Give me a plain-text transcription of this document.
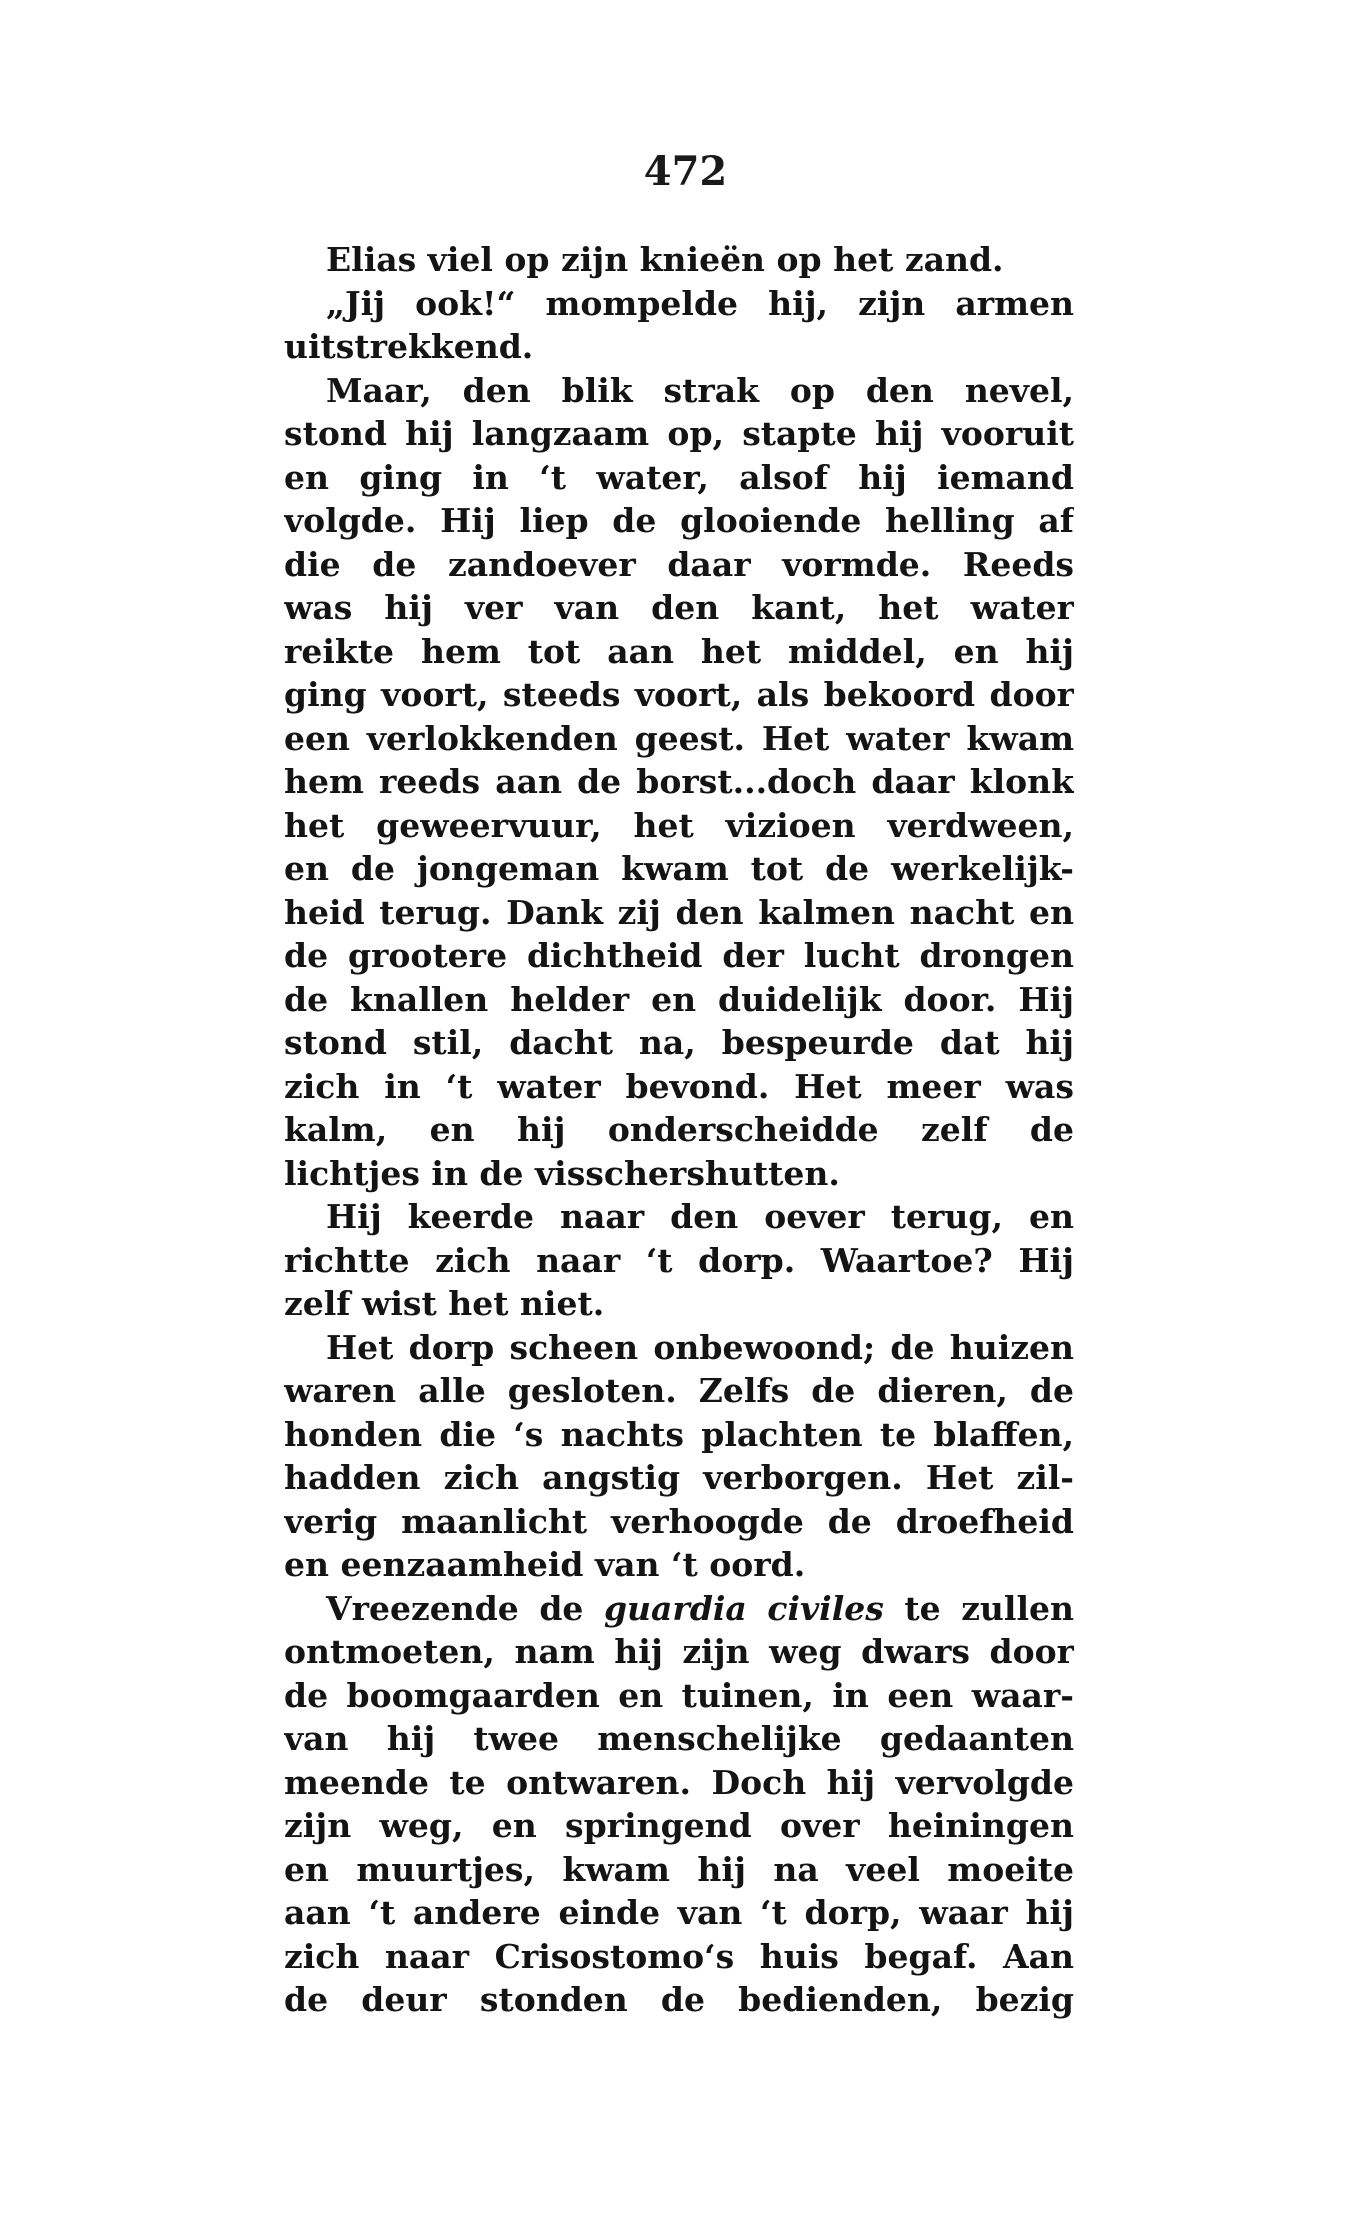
472
Elias viel op zijn knieën op het zand.
„Jij ook!“ mompelde hij, zijn armen
uitstrekkend.
Maar, den blik strak op den nevel,
stond hij langzaam op, stapte hij vooruit
en ging in ‘t water, alsof hij iemand
volgde. Hij liep de glooiende helling af
die de zandoever daar vormde. Reeds
was hij ver van den kant, het water
reikte hem tot aan het middel, en hij
ging voort, steeds voort, als bekoord door
een verlokkenden geest. Het water kwam
hem reeds aan de borst...doch daar klonk
het geweervuur, het vizioen verdween,
en de jongeman kwam tot de werkelijk-
heid terug. Dank zij den kalmen nacht en
de grootere dichtheid der lucht drongen
de knallen helder en duidelijk door. Hij
stond stil, dacht na, bespeurde dat hij
zich in ‘t water bevond. Het meer was
kalm, en hij onderscheidde zelf de
lichtjes in de visschershutten.
Hij keerde naar den oever terug, en
richtte zich naar ‘t dorp. Waartoe? Hij
zelf wist het niet.
Het dorp scheen onbewoond; de huizen
waren alle gesloten. Zelfs de dieren, de
honden die ‘s nachts plachten te blaffen,
hadden zich angstig verborgen. Het zil-
verig maanlicht verhoogde de droefheid
en eenzaamheid van ‘t oord.
Vreezende de guardia civiles te zullen
ontmoeten, nam hij zijn weg dwars door
de boomgaarden en tuinen, in een waar-
van hij twee menschelijke gedaanten
meende te ontwaren. Doch hij vervolgde
zijn weg, en springend over heiningen
en muurtjes, kwam hij na veel moeite
aan ‘t andere einde van ‘t dorp, waar hij
zich naar Crisostomo‘s huis begaf. Aan
de deur stonden de bedienden, bezig
